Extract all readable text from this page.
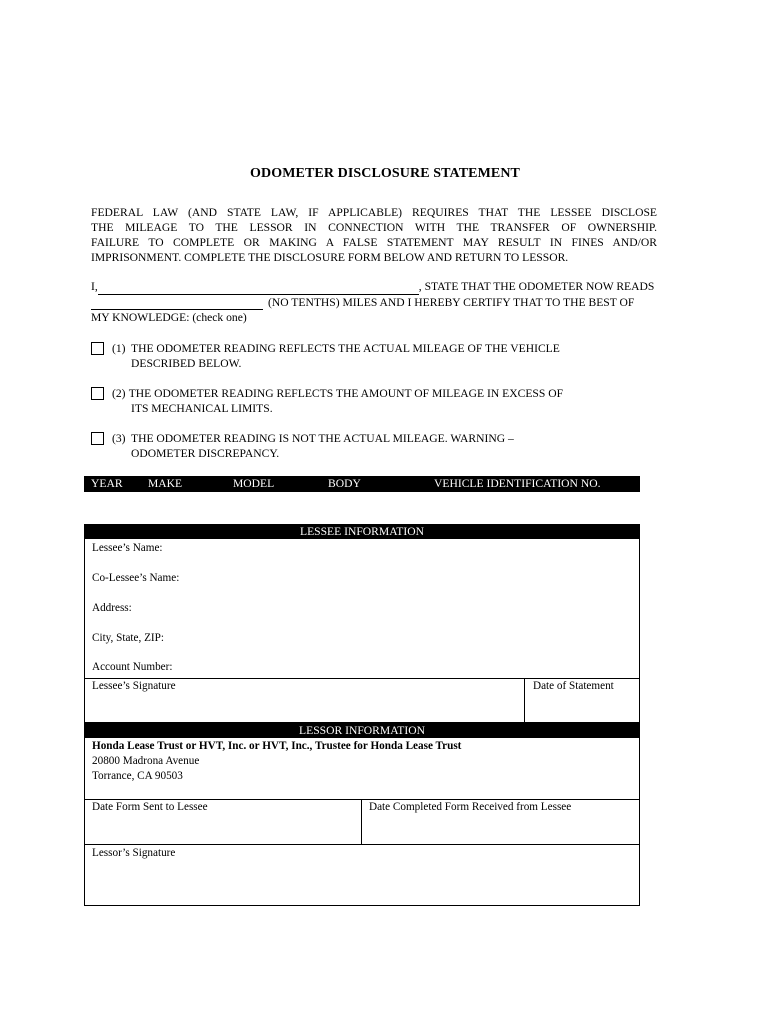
ODOMETER DISCLOSURE STATEMENT
FEDERAL LAW (AND STATE LAW, IF APPLICABLE) REQUIRES THAT THE LESSEE DISCLOSE
THE MILEAGE TO THE LESSOR IN CONNECTION WITH THE TRANSFER OF OWNERSHIP.
FAILURE TO COMPLETE OR MAKING A FALSE STATEMENT MAY RESULT IN FINES AND/OR
IMPRISONMENT. COMPLETE THE DISCLOSURE FORM BELOW AND RETURN TO LESSOR.
I,	, STATE THAT THE ODOMETER NOW READS
(NO TENTHS) MILES AND I HEREBY CERTIFY THAT TO THE BEST OF
MY KNOWLEDGE: (check one)
(1) THE ODOMETER READING REFLECTS THE ACTUAL MILEAGE OF THE VEHICLE
DESCRIBED BELOW.
(2) THE ODOMETER READING REFLECTS THE AMOUNT OF MILEAGE IN EXCESS OF
ITS MECHANICAL LIMITS.
(3) THE ODOMETER READING IS NOT THE ACTUAL MILEAGE. WARNING –
ODOMETER DISCREPANCY.
YEAR MAKE	MODEL	BODY	VEHICLE IDENTIFICATION NO.
LESSEE INFORMATION
Lessee’s Name:
Co-Lessee’s Name:
Address:
City, State, ZIP:
Account Number:
Lessee’s Signature	Date of Statement
LESSOR INFORMATION
Honda Lease Trust or HVT, Inc. or HVT, Inc., Trustee for Honda Lease Trust
20800 Madrona Avenue
Torrance, CA 90503
Date Form Sent to Lessee	Date Completed Form Received from Lessee
Lessor’s Signature
